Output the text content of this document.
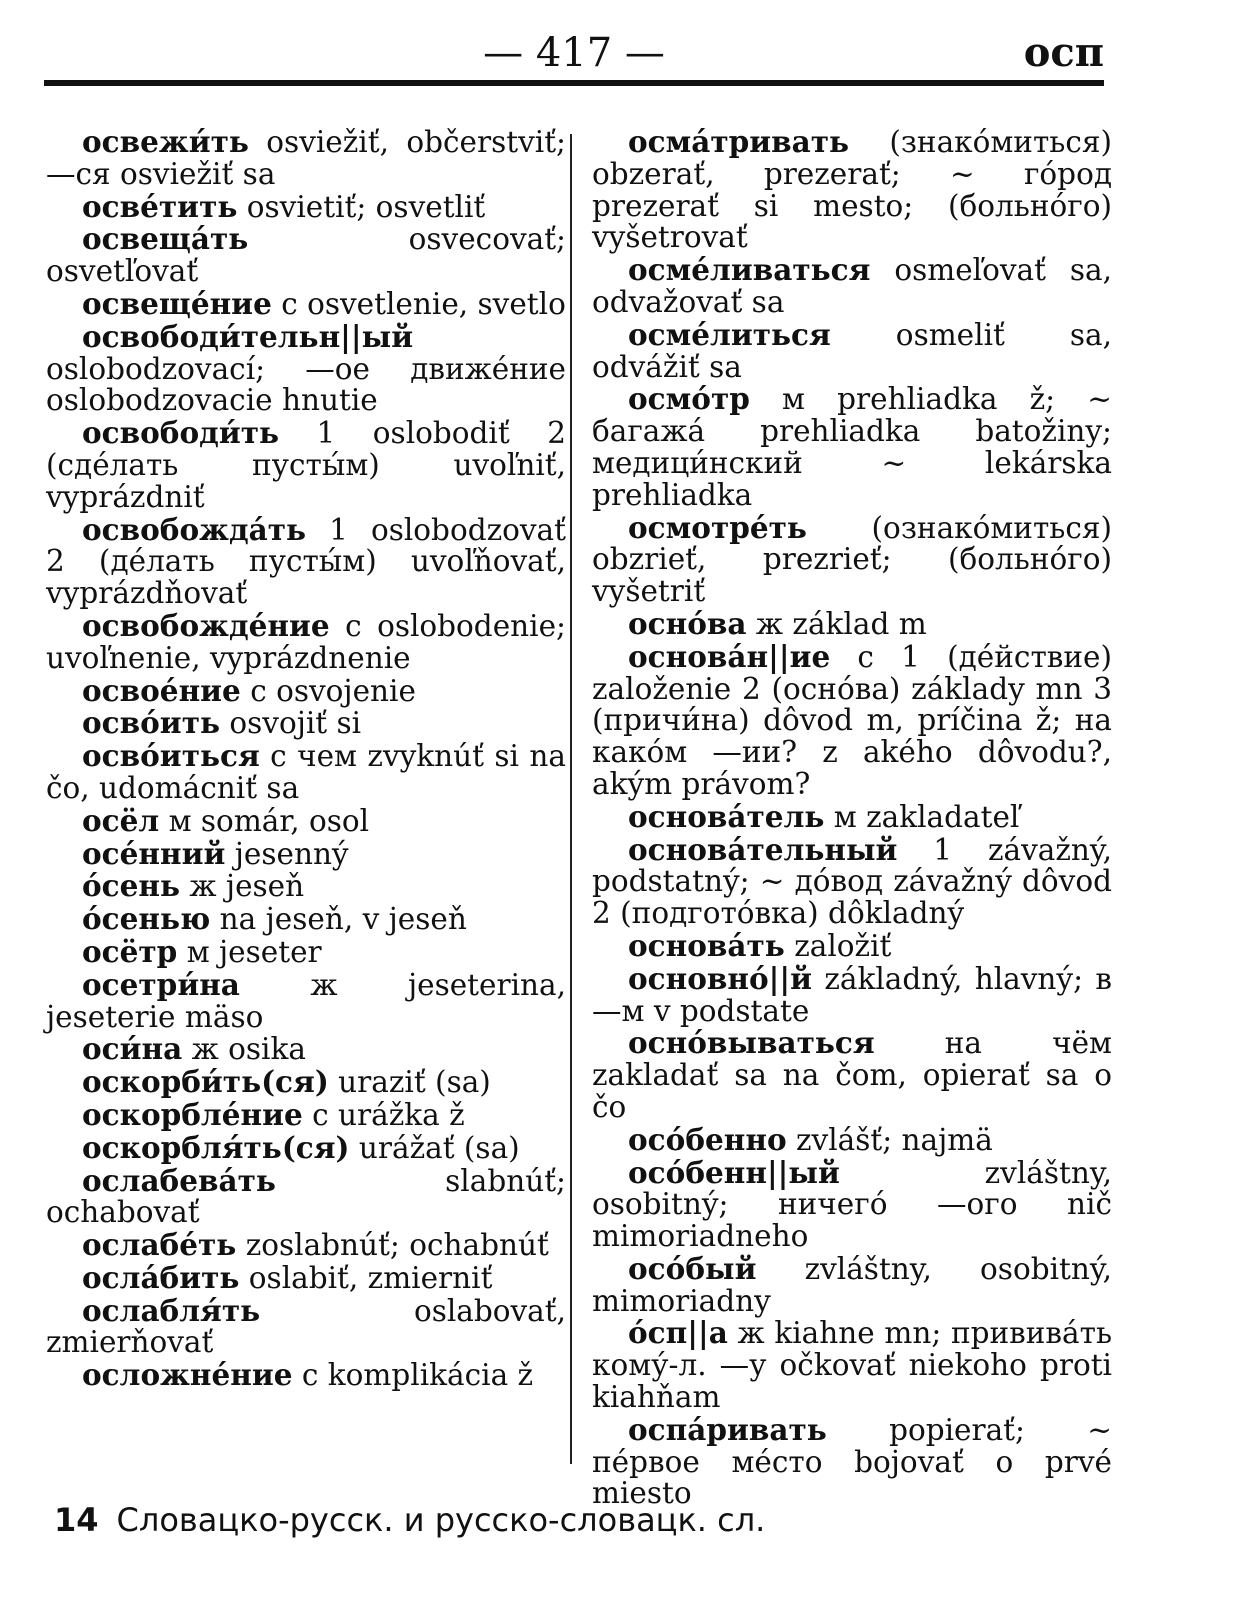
— 417 —	осп

освежи́ть osviežiť, občerstviť; —ся osviežiť sa

осве́тить osvietiť; osvetliť

освеща́ть osvecovať; osvetľovať

освеще́ние с osvetlenie, svetlo

освободи́тельн||ый oslobodzovací; —ое движе́ние oslobodzovacie hnutie

освободи́ть 1 oslobodiť 2 (сде́лать пусты́м) uvoľniť, vyprázdniť

освобожда́ть 1 oslobodzovať 2 (де́лать пусты́м) uvoľňovať, vyprázdňovať

освобожде́ние с oslobodenie; uvoľnenie, vyprázdnenie

освое́ние с osvojenie

осво́ить osvojiť si

осво́иться с чем zvyknúť si na čo, udomácniť sa

осёл м somár, osol

осе́нний jesenný

о́сень ж jeseň

о́сенью na jeseň, v jeseň

осётр м jeseter

осетри́на ж jeseterina, jeseterie mäso

оси́на ж osika

оскорби́ть(ся) uraziť (sa)

оскорбле́ние с urážka ž

оскорбля́ть(ся) urážať (sa)

ослабева́ть slabnúť; ochabovať

ослабе́ть zoslabnúť; ochabnúť

осла́бить oslabiť, zmierniť

ослабля́ть oslabovať, zmierňovať

осложне́ние с komplikácia ž

осма́тривать (знако́миться) obzerať, prezerať; ~ го́род prezerať si mesto; (больно́го) vyšetrovať

осме́ливаться osmeľovať sa, odvažovať sa

осме́литься osmeliť sa, odvážiť sa

осмо́тр м prehliadka ž; ~ багажа́ prehliadka batožiny; медици́нский ~ lekárska prehliadka

осмотре́ть (ознако́миться) obzrieť, prezrieť; (больно́го) vyšetriť

осно́ва ж základ m

основа́н||ие с 1 (де́йствие) založenie 2 (осно́ва) základy mn 3 (причи́на) dôvod m, príčina ž; на како́м —ии? z akého dôvodu?, akým právom?

основа́тель м zakladateľ

основа́тельный 1 závažný, podstatný; ~ до́вод závažný dôvod 2 (подгото́вка) dôkladný

основа́ть založiť

основно́||й základný, hlavný; в —м v podstate

осно́вываться на чём zakladať sa na čom, opierať sa o čo

осо́бенно zvlášť; najmä

осо́бенн||ый zvláštny, osobitný; ничего́ —ого nič mimoriadneho

осо́бый zvláštny, osobitný, mimoriadny

о́сп||а ж kiahne mn; привива́ть кому́-л. —у očkovať niekoho proti kiahňam

оспа́ривать popierať; ~ пе́рвое ме́сто bojovať o prvé miesto

14 Словацко-русск. и русско-словацк. сл.
